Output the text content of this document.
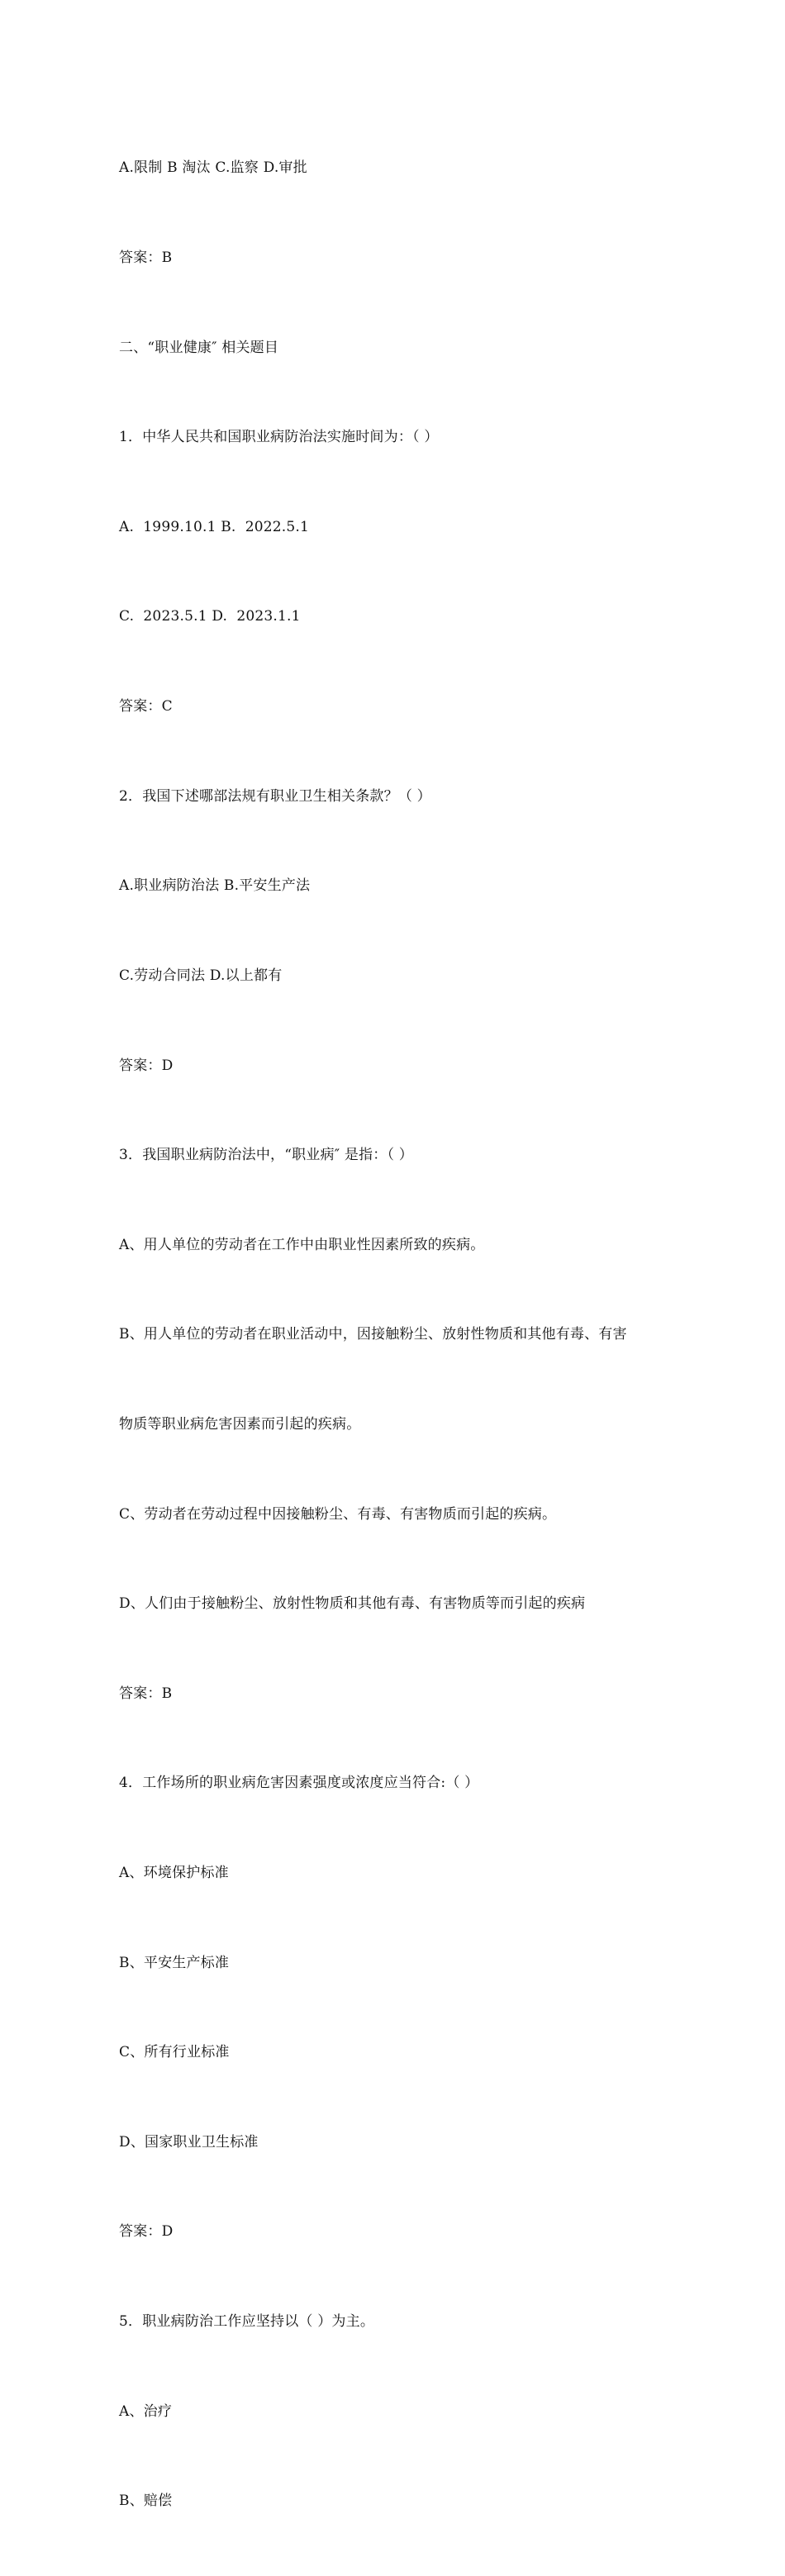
A.限制 B 淘汰 C.监察 D.审批

答案：B

二、“职业健康″ 相关题目

1．中华人民共和国职业病防治法实施时间为：（ ）

A.  1999.10.1 B.  2022.5.1

C.  2023.5.1 D.  2023.1.1

答案：C

2．我国下述哪部法规有职业卫生相关条款？（ ）

A.职业病防治法 B.平安生产法

C.劳动合同法 D.以上都有

答案：D

3．我国职业病防治法中，“职业病″ 是指：（ ）

A、用人单位的劳动者在工作中由职业性因素所致的疾病。

B、用人单位的劳动者在职业活动中，因接触粉尘、放射性物质和其他有毒、有害

物质等职业病危害因素而引起的疾病。

C、劳动者在劳动过程中因接触粉尘、有毒、有害物质而引起的疾病。

D、人们由于接触粉尘、放射性物质和其他有毒、有害物质等而引起的疾病

答案：B

4．工作场所的职业病危害因素强度或浓度应当符合:（ ）

A、环境保护标准

B、平安生产标准

C、所有行业标准

D、国家职业卫生标准

答案：D

5．职业病防治工作应坚持以（ ）为主。

A、治疗

B、赔偿
